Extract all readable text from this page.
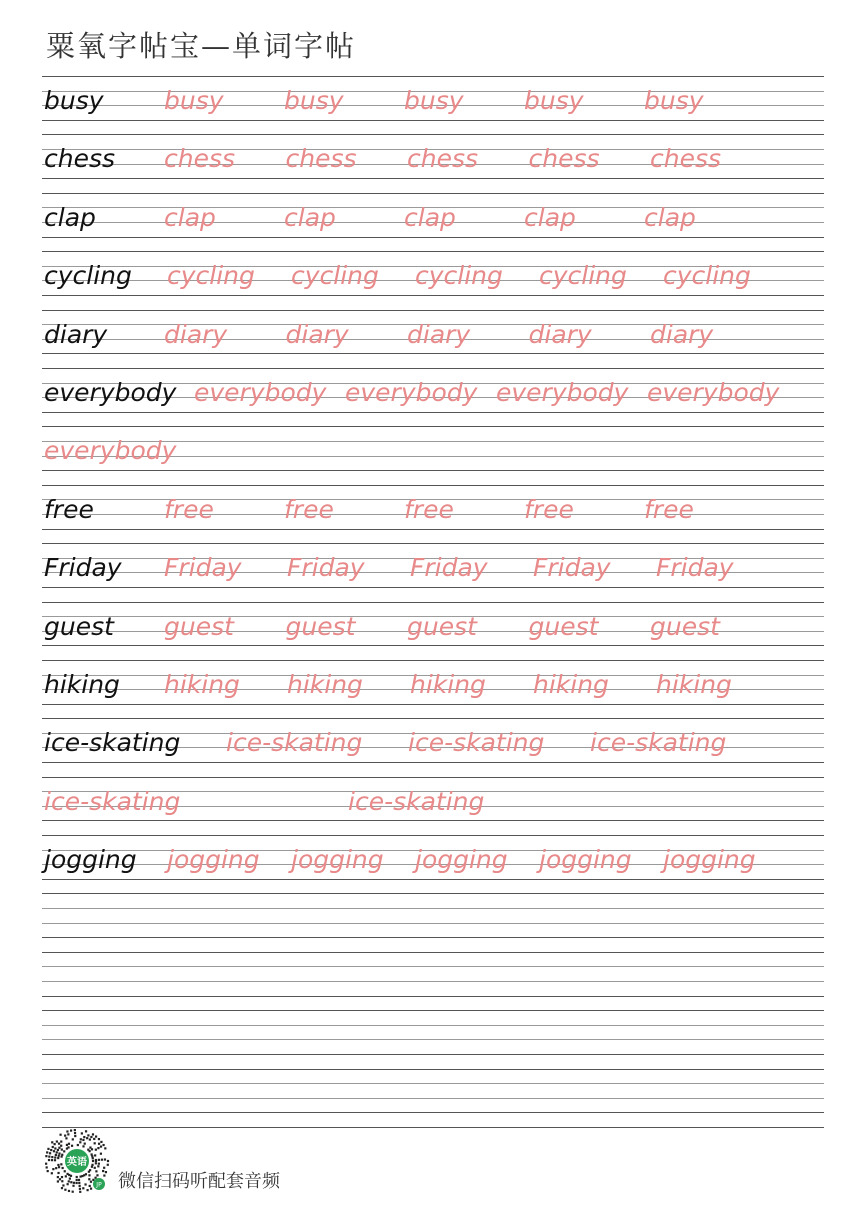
粟氧字帖宝—单词字帖
busy busy busy busy busy busy
chess chess chess chess chess chess
clap	clap	clap	clap	clap	clap
cycling cycling cycling cycling cycling cycling
diary diary diary diary diary diary
everybody everybody everybody everybody everybody
everybody
free	free	free	free	free	free
Friday Friday Friday Friday Friday Friday
guest guest guest guest guest guest
hiking hiking hiking hiking hiking hiking
ice-skating ice-skating ice-skating ice-skating
ice-skating	ice-skating
jogging jogging jogging jogging jogging jogging
英语
JP 微信扫码听配套音频
